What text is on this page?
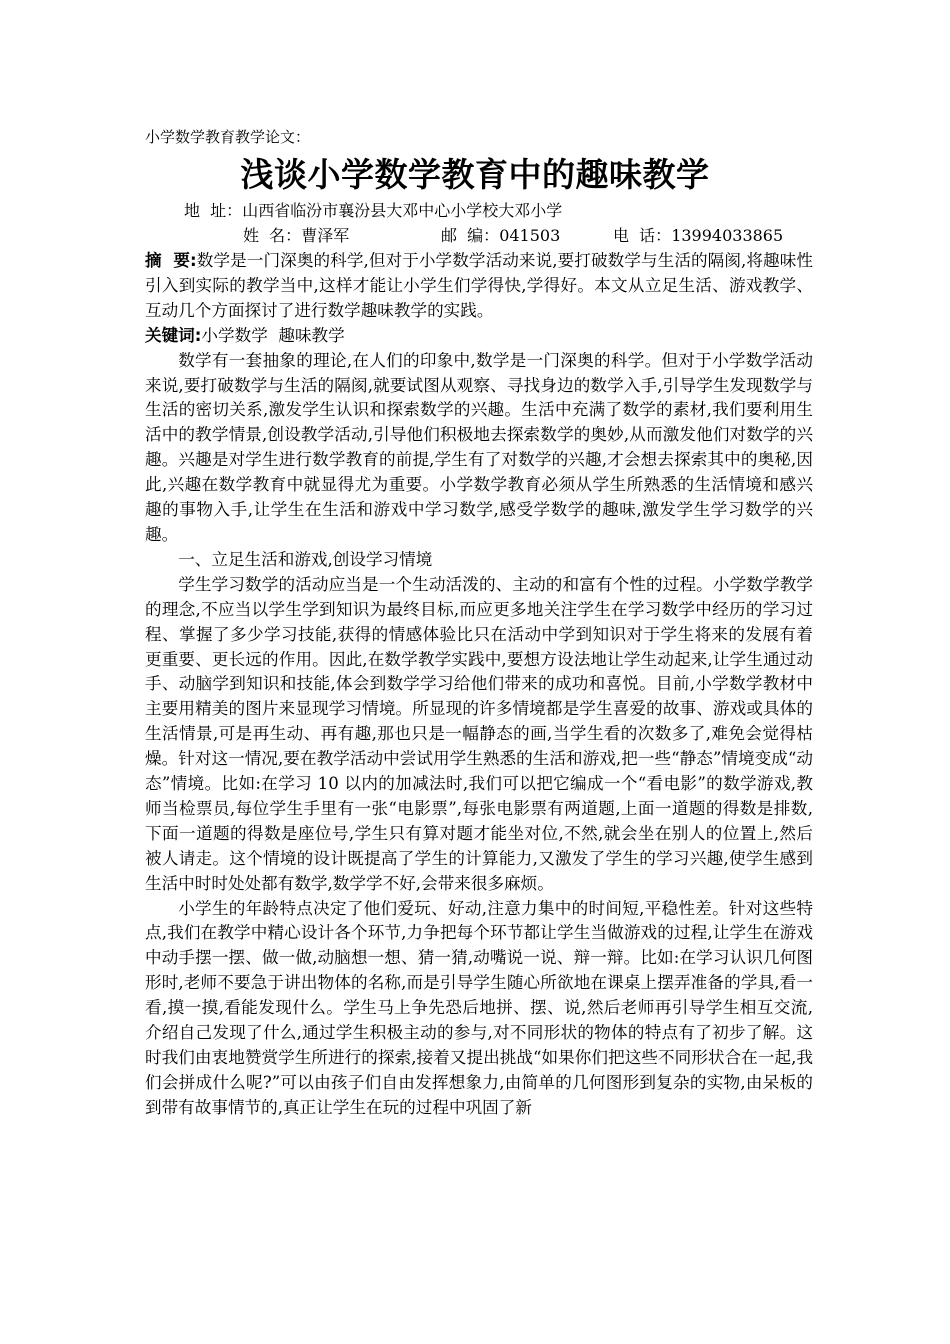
小学数学教育教学论文：
浅谈小学数学教育中的趣味教学
地  址：山西省临汾市襄汾县大邓中心小学校大邓小学
姓  名：曹泽军	邮  编：041503	电  话：13994033865

摘  要:数学是一门深奥的科学,但对于小学数学活动来说,要打破数学与生活的隔阂,将趣味性引入到实际的教学当中,这样才能让小学生们学得快,学得好。本文从立足生活、游戏教学、互动几个方面探讨了进行数学趣味教学的实践。

关键词:小学数学  趣味教学

数学有一套抽象的理论,在人们的印象中,数学是一门深奥的科学。但对于小学数学活动来说,要打破数学与生活的隔阂,就要试图从观察、寻找身边的数学入手,引导学生发现数学与生活的密切关系,激发学生认识和探索数学的兴趣。生活中充满了数学的素材,我们要利用生活中的教学情景,创设教学活动,引导他们积极地去探索数学的奥妙,从而激发他们对数学的兴趣。兴趣是对学生进行数学教育的前提,学生有了对数学的兴趣,才会想去探索其中的奥秘,因此,兴趣在数学教育中就显得尤为重要。小学数学教育必须从学生所熟悉的生活情境和感兴趣的事物入手,让学生在生活和游戏中学习数学,感受学数学的趣味,激发学生学习数学的兴趣。

一、立足生活和游戏,创设学习情境

学生学习数学的活动应当是一个生动活泼的、主动的和富有个性的过程。小学数学教学的理念,不应当以学生学到知识为最终目标,而应更多地关注学生在学习数学中经历的学习过程、掌握了多少学习技能,获得的情感体验比只在活动中学到知识对于学生将来的发展有着更重要、更长远的作用。因此,在数学教学实践中,要想方设法地让学生动起来,让学生通过动手、动脑学到知识和技能,体会到数学学习给他们带来的成功和喜悦。目前,小学数学教材中主要用精美的图片来显现学习情境。所显现的许多情境都是学生喜爱的故事、游戏或具体的生活情景,可是再生动、再有趣,那也只是一幅静态的画,当学生看的次数多了,难免会觉得枯燥。针对这一情况,要在教学活动中尝试用学生熟悉的生活和游戏,把一些“静态”情境变成“动态”情境。比如:在学习 10 以内的加减法时,我们可以把它编成一个“看电影”的数学游戏,教师当检票员,每位学生手里有一张“电影票”,每张电影票有两道题,上面一道题的得数是排数,下面一道题的得数是座位号,学生只有算对题才能坐对位,不然,就会坐在别人的位置上,然后被人请走。这个情境的设计既提高了学生的计算能力,又激发了学生的学习兴趣,使学生感到生活中时时处处都有数学,数学学不好,会带来很多麻烦。

小学生的年龄特点决定了他们爱玩、好动,注意力集中的时间短,平稳性差。针对这些特点,我们在教学中精心设计各个环节,力争把每个环节都让学生当做游戏的过程,让学生在游戏中动手摆一摆、做一做,动脑想一想、猜一猜,动嘴说一说、辩一辩。比如:在学习认识几何图形时,老师不要急于讲出物体的名称,而是引导学生随心所欲地在课桌上摆弄准备的学具,看一看,摸一摸,看能发现什么。学生马上争先恐后地拼、摆、说,然后老师再引导学生相互交流,介绍自己发现了什么,通过学生积极主动的参与,对不同形状的物体的特点有了初步了解。这时我们由衷地赞赏学生所进行的探索,接着又提出挑战“如果你们把这些不同形状合在一起,我们会拼成什么呢?”可以由孩子们自由发挥想象力,由简单的几何图形到复杂的实物,由呆板的到带有故事情节的,真正让学生在玩的过程中巩固了新
